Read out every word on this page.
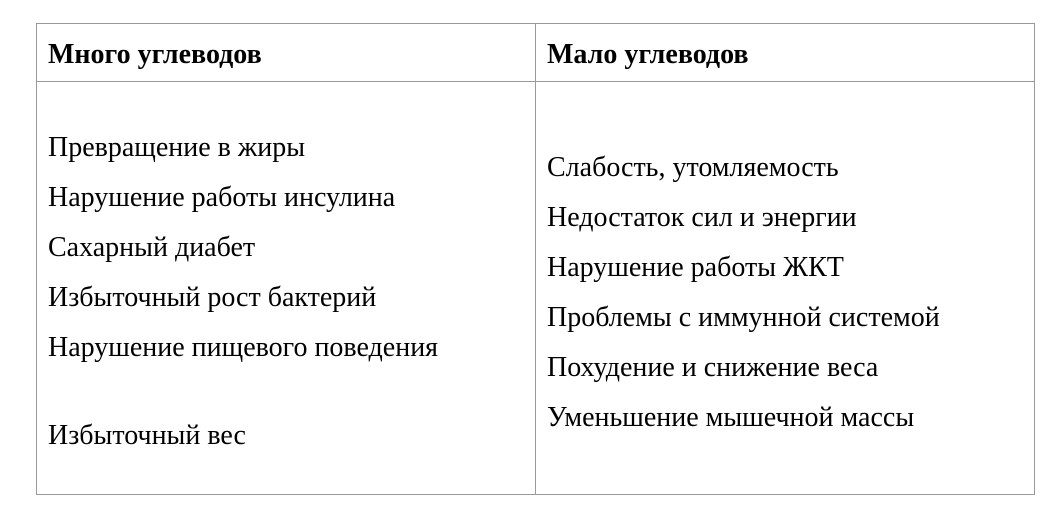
Много углеводов	Мало углеводов
Превращение в жиры
Нарушение работы инсулина
Сахарный диабет
Избыточный рост бактерий
Нарушение пищевого поведения
Избыточный вес
Слабость, утомляемость
Недостаток сил и энергии
Нарушение работы ЖКТ
Проблемы с иммунной системой
Похудение и снижение веса
Уменьшение мышечной массы
